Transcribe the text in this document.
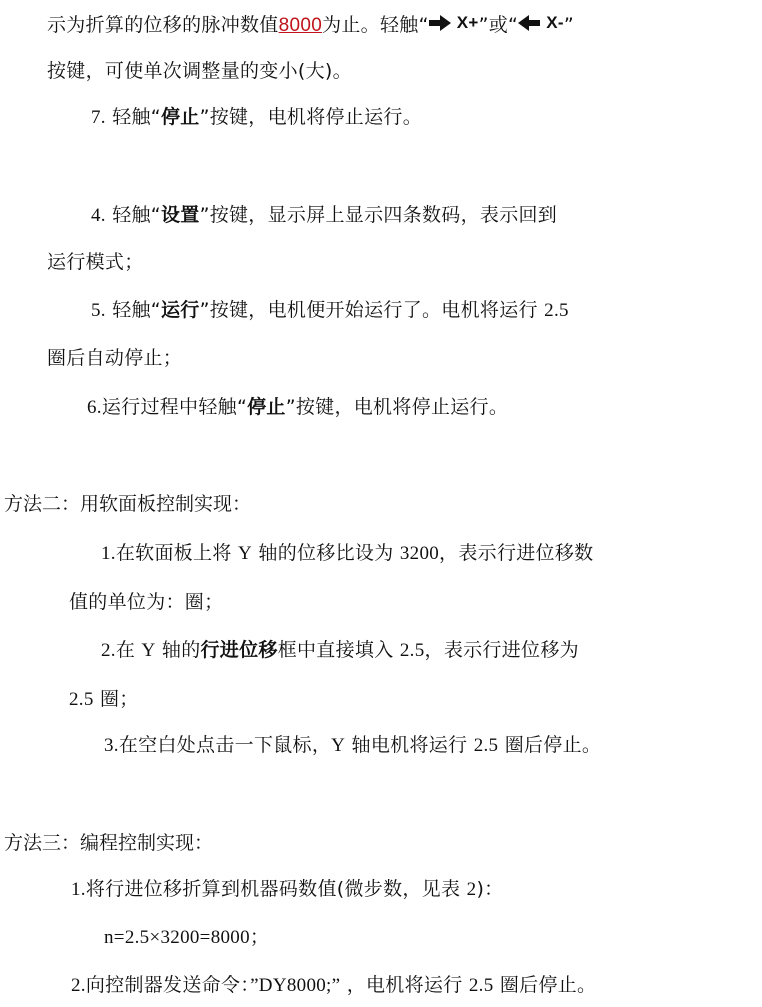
示为折算的位移的脉冲数值8000为止。轻触“ X+ ”或“ X- ”
按键，可使单次调整量的变小(大)。
7. 轻触“停止”按键，电机将停止运行。
4. 轻触“设置”按键，显示屏上显示四条数码，表示回到
运行模式；
5. 轻触“运行”按键，电机便开始运行了。电机将运行 2.5
圈后自动停止；
6.运行过程中轻触“停止”按键，电机将停止运行。
方法二：用软面板控制实现：
1.在软面板上将 Y 轴的位移比设为 3200，表示行进位移数
值的单位为：圈；
2.在 Y 轴的行进位移框中直接填入 2.5，表示行进位移为
2.5 圈；
3.在空白处点击一下鼠标，Y 轴电机将运行 2.5 圈后停止。
方法三：编程控制实现：
1.将行进位移折算到机器码数值(微步数，见表 2)：
n=2.5×3200=8000；
2.向控制器发送命令：”DY8000;” ，电机将运行 2.5 圈后停止。
